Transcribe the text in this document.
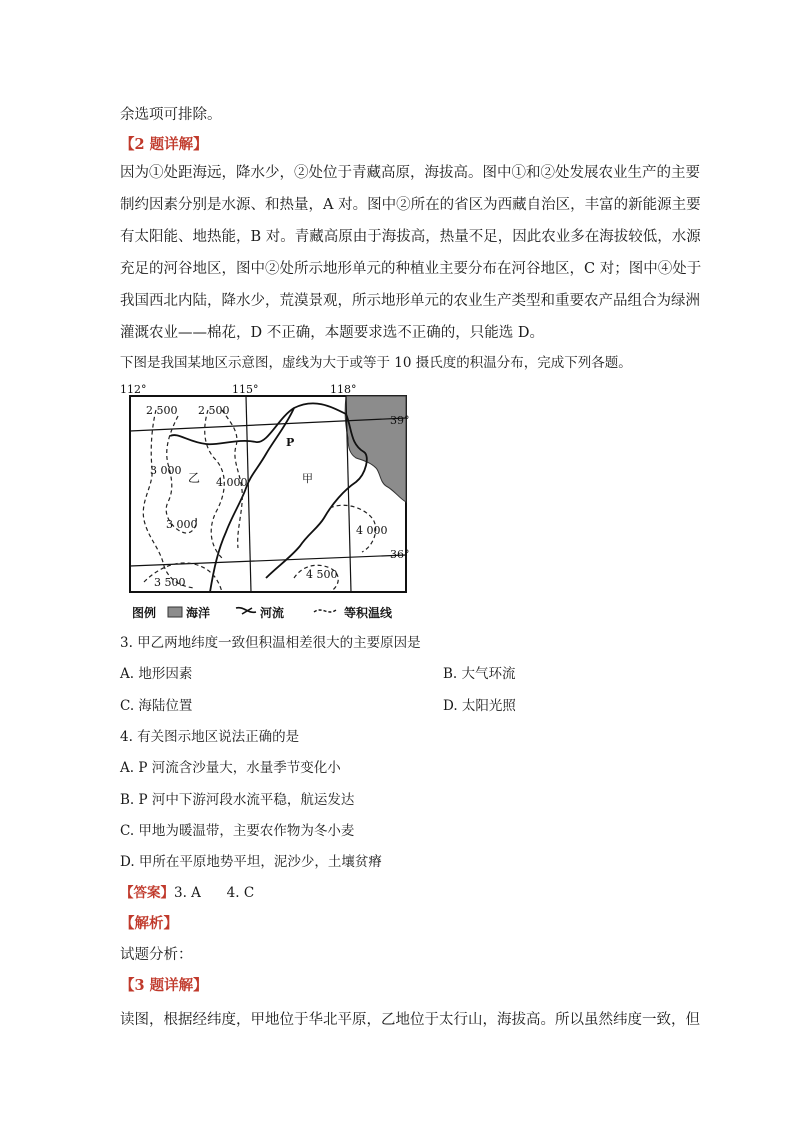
余选项可排除。
【2 题详解】
因为①处距海远，降水少，②处位于青藏高原，海拔高。图中①和②处发展农业生产的主要
制约因素分别是水源、和热量，A 对。图中②所在的省区为西藏自治区，丰富的新能源主要
有太阳能、地热能，B 对。青藏高原由于海拔高，热量不足，因此农业多在海拔较低，水源
充足的河谷地区，图中②处所示地形单元的种植业主要分布在河谷地区，C 对；图中④处于
我国西北内陆，降水少，荒漠景观，所示地形单元的农业生产类型和重要农产品组合为绿洲
灌溉农业——棉花，D 不正确，本题要求选不正确的，只能选 D。
下图是我国某地区示意图，虚线为大于或等于 10 摄氏度的积温分布，完成下列各题。
112°	115°	118°
39°
36°
2 500 2 500
3 000
4 000
3 000
3 500
4 000
4 500
P
甲
乙
图例 海洋	河流	等积温线
3. 甲乙两地纬度一致但积温相差很大的主要原因是
A. 地形因素	B. 大气环流
C. 海陆位置	D. 太阳光照
4. 有关图示地区说法正确的是
A. P 河流含沙量大，水量季节变化小
B. P 河中下游河段水流平稳，航运发达
C. 甲地为暖温带，主要农作物为冬小麦
D. 甲所在平原地势平坦，泥沙少，土壤贫瘠
【答案】3. A      4. C
【解析】
试题分析：
【3 题详解】
读图，根据经纬度，甲地位于华北平原，乙地位于太行山，海拔高。所以虽然纬度一致，但
